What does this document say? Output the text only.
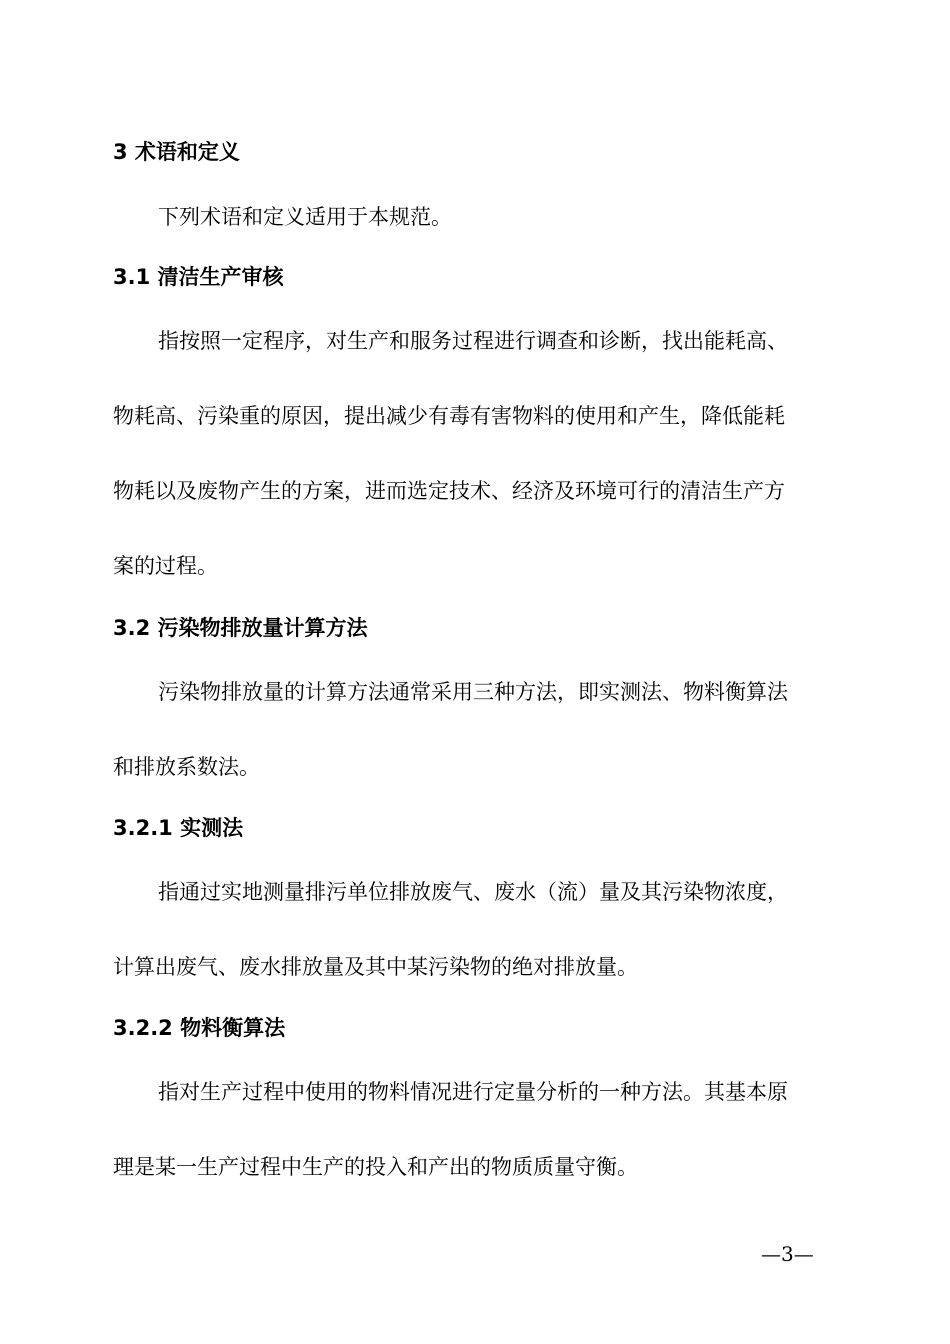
3 术语和定义
下列术语和定义适用于本规范。
3.1 清洁生产审核
指按照一定程序，对生产和服务过程进行调查和诊断，找出能耗高、
物耗高、污染重的原因，提出减少有毒有害物料的使用和产生，降低能耗
物耗以及废物产生的方案，进而选定技术、经济及环境可行的清洁生产方
案的过程。
3.2 污染物排放量计算方法
污染物排放量的计算方法通常采用三种方法，即实测法、物料衡算法
和排放系数法。
3.2.1 实测法
指通过实地测量排污单位排放废气、废水（流）量及其污染物浓度，
计算出废气、废水排放量及其中某污染物的绝对排放量。
3.2.2 物料衡算法
指对生产过程中使用的物料情况进行定量分析的一种方法。其基本原
理是某一生产过程中生产的投入和产出的物质质量守衡。
—3—
